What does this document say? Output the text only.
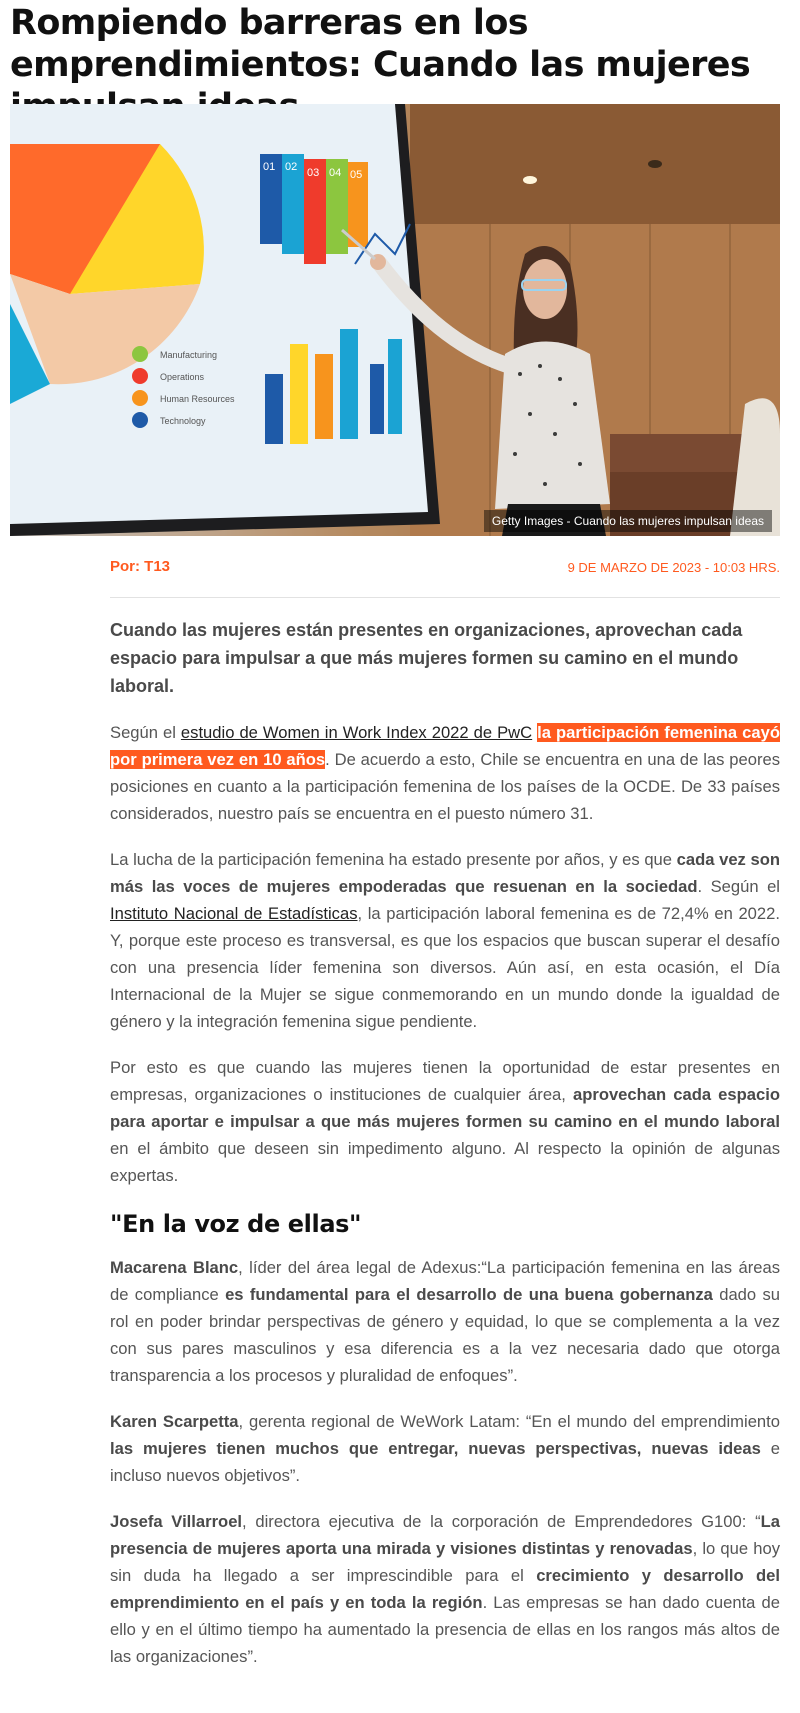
Rompiendo barreras en los emprendimientos: Cuando las mujeres
01 02 03 04 05
Manufacturing
Operations
Human Resources
Technology
Getty Images - Cuando las mujeres impulsan ideas
Por: T13	9 DE MARZO DE 2023 - 10:03 HRS.

Cuando las mujeres están presentes en organizaciones, aprovechan cada espacio para impulsar a que más mujeres formen su camino en el mundo laboral.

Según el estudio de Women in Work Index 2022 de PwC la participación femenina cayó por primera vez en 10 años. De acuerdo a esto, Chile se encuentra en una de las peores posiciones en cuanto a la participación femenina de los países de la OCDE. De 33 países considerados, nuestro país se encuentra en el puesto número 31.

La lucha de la participación femenina ha estado presente por años, y es que cada vez son más las voces de mujeres empoderadas que resuenan en la sociedad. Según el Instituto Nacional de Estadísticas, la participación laboral femenina es de 72,4% en 2022. Y, porque este proceso es transversal, es que los espacios que buscan superar el desafío con una presencia líder femenina son diversos. Aún así, en esta ocasión, el Día Internacional de la Mujer se sigue conmemorando en un mundo donde la igualdad de género y la integración femenina sigue pendiente.

Por esto es que cuando las mujeres tienen la oportunidad de estar presentes en empresas, organizaciones o instituciones de cualquier área, aprovechan cada espacio para aportar e impulsar a que más mujeres formen su camino en el mundo laboral en el ámbito que deseen sin impedimento alguno. Al respecto la opinión de algunas expertas.

"En la voz de ellas"

Macarena Blanc, líder del área legal de Adexus:“La participación femenina en las áreas de compliance es fundamental para el desarrollo de una buena gobernanza dado su rol en poder brindar perspectivas de género y equidad, lo que se complementa a la vez con sus pares masculinos y esa diferencia es a la vez necesaria dado que otorga transparencia a los procesos y pluralidad de enfoques”.

Karen Scarpetta, gerenta regional de WeWork Latam: “En el mundo del emprendimiento las mujeres tienen muchos que entregar, nuevas perspectivas, nuevas ideas e incluso nuevos objetivos”.

Josefa Villarroel, directora ejecutiva de la corporación de Emprendedores G100: “La presencia de mujeres aporta una mirada y visiones distintas y renovadas, lo que hoy sin duda ha llegado a ser imprescindible para el crecimiento y desarrollo del emprendimiento en el país y en toda la región. Las empresas se han dado cuenta de ello y en el último tiempo ha aumentado la presencia de ellas en los rangos más altos de las organizaciones”.
